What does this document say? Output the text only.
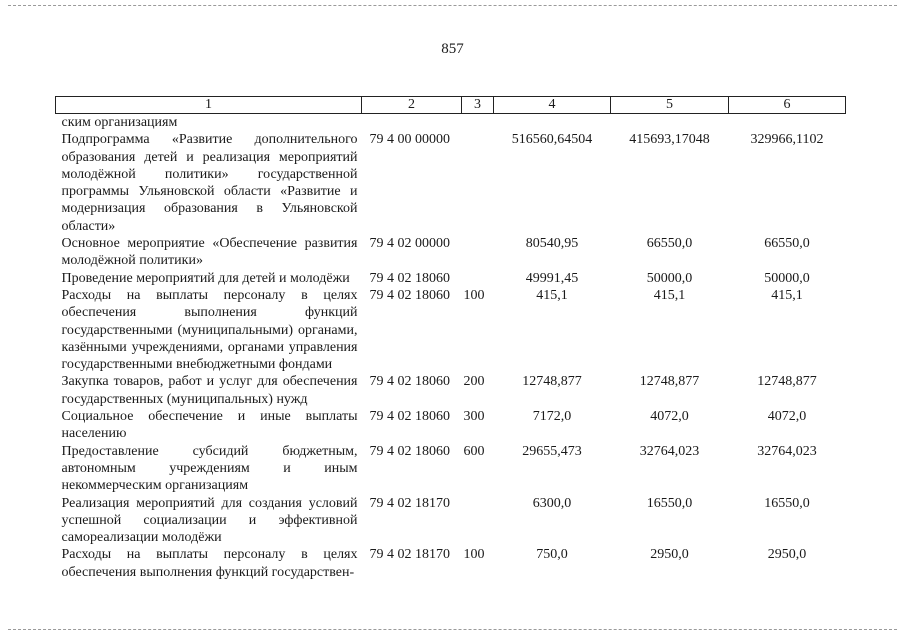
857
1	2	3	4	5	6
ским организациям					
Подпрограмма «Развитие дополнительного образования детей и реализация мероприятий молодёжной политики» государственной программы Ульяновской области «Развитие и модернизация образования в Ульяновской области»	79 4 00 00000		516560,64504	415693,17048	329966,1102
Основное мероприятие «Обеспечение развития молодёжной политики»	79 4 02 00000		80540,95	66550,0	66550,0
Проведение мероприятий для детей и молодёжи	79 4 02 18060		49991,45	50000,0	50000,0
Расходы на выплаты персоналу в целях обеспечения выполнения функций государственными (муниципальными) органами, казёнными учреждениями, органами управления государственными внебюджетными фондами	79 4 02 18060	100	415,1	415,1	415,1
Закупка товаров, работ и услуг для обеспечения государственных (муниципальных) нужд	79 4 02 18060	200	12748,877	12748,877	12748,877
Социальное обеспечение и иные выплаты населению	79 4 02 18060	300	7172,0	4072,0	4072,0
Предоставление субсидий бюджетным, автономным учреждениям и иным некоммерческим организациям	79 4 02 18060	600	29655,473	32764,023	32764,023
Реализация мероприятий для создания условий успешной социализации и эффективной самореализации молодёжи	79 4 02 18170		6300,0	16550,0	16550,0
Расходы на выплаты персоналу в целях обеспечения выполнения функций государствен-	79 4 02 18170	100	750,0	2950,0	2950,0
